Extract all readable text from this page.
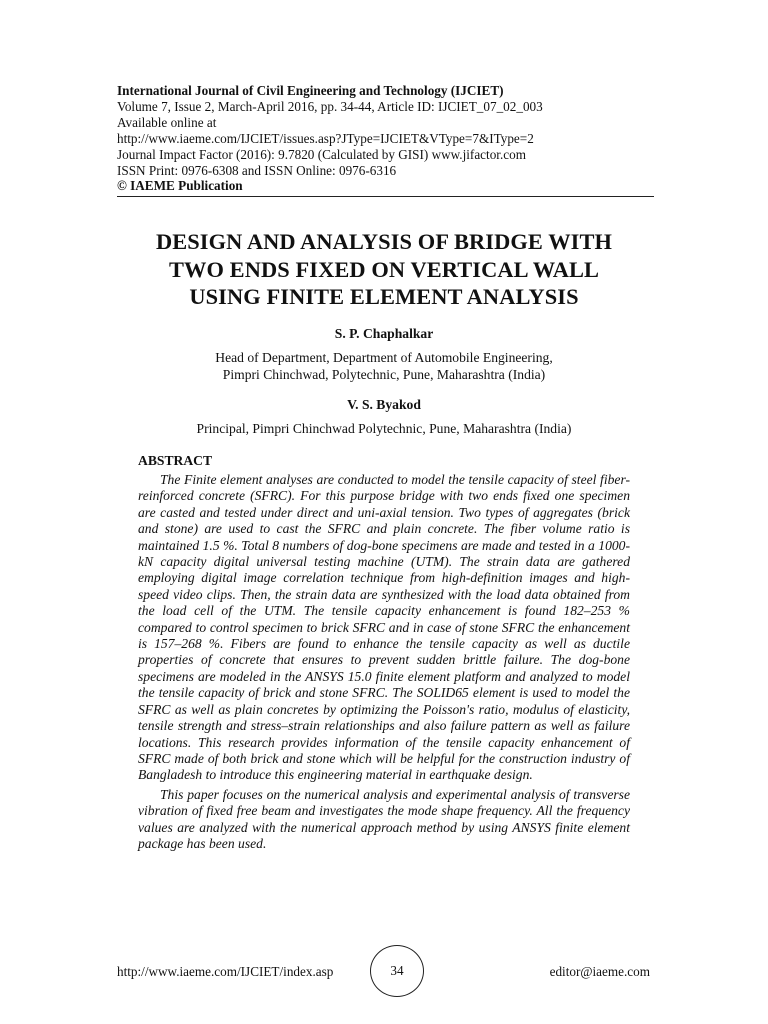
International Journal of Civil Engineering and Technology (IJCIET)
Volume 7, Issue 2, March-April 2016, pp. 34-44, Article ID: IJCIET_07_02_003
Available online at
http://www.iaeme.com/IJCIET/issues.asp?JType=IJCIET&VType=7&IType=2
Journal Impact Factor (2016): 9.7820 (Calculated by GISI) www.jifactor.com
ISSN Print: 0976-6308 and ISSN Online: 0976-6316
© IAEME Publication
DESIGN AND ANALYSIS OF BRIDGE WITH
TWO ENDS FIXED ON VERTICAL WALL
USING FINITE ELEMENT ANALYSIS
S. P. Chaphalkar
Head of Department, Department of Automobile Engineering,
Pimpri Chinchwad, Polytechnic, Pune, Maharashtra (India)
V. S. Byakod
Principal, Pimpri Chinchwad Polytechnic, Pune, Maharashtra (India)
ABSTRACT

The Finite element analyses are conducted to model the tensile capacity of steel fiber-reinforced concrete (SFRC). For this purpose bridge with two ends fixed one specimen are casted and tested under direct and uni-axial tension. Two types of aggregates (brick and stone) are used to cast the SFRC and plain concrete. The fiber volume ratio is maintained 1.5 %. Total 8 numbers of dog-bone specimens are made and tested in a 1000-kN capacity digital universal testing machine (UTM). The strain data are gathered employing digital image correlation technique from high-definition images and high-speed video clips. Then, the strain data are synthesized with the load data obtained from the load cell of the UTM. The tensile capacity enhancement is found 182–253 % compared to control specimen to brick SFRC and in case of stone SFRC the enhancement is 157–268 %. Fibers are found to enhance the tensile capacity as well as ductile properties of concrete that ensures to prevent sudden brittle failure. The dog-bone specimens are modeled in the ANSYS 15.0 finite element platform and analyzed to model the tensile capacity of brick and stone SFRC. The SOLID65 element is used to model the SFRC as well as plain concretes by optimizing the Poisson's ratio, modulus of elasticity, tensile strength and stress–strain relationships and also failure pattern as well as failure locations. This research provides information of the tensile capacity enhancement of SFRC made of both brick and stone which will be helpful for the construction industry of Bangladesh to introduce this engineering material in earthquake design.

This paper focuses on the numerical analysis and experimental analysis of transverse vibration of fixed free beam and investigates the mode shape frequency. All the frequency values are analyzed with the numerical approach method by using ANSYS finite element package has been used.

http://www.iaeme.com/IJCIET/index.asp	34	editor@iaeme.com
